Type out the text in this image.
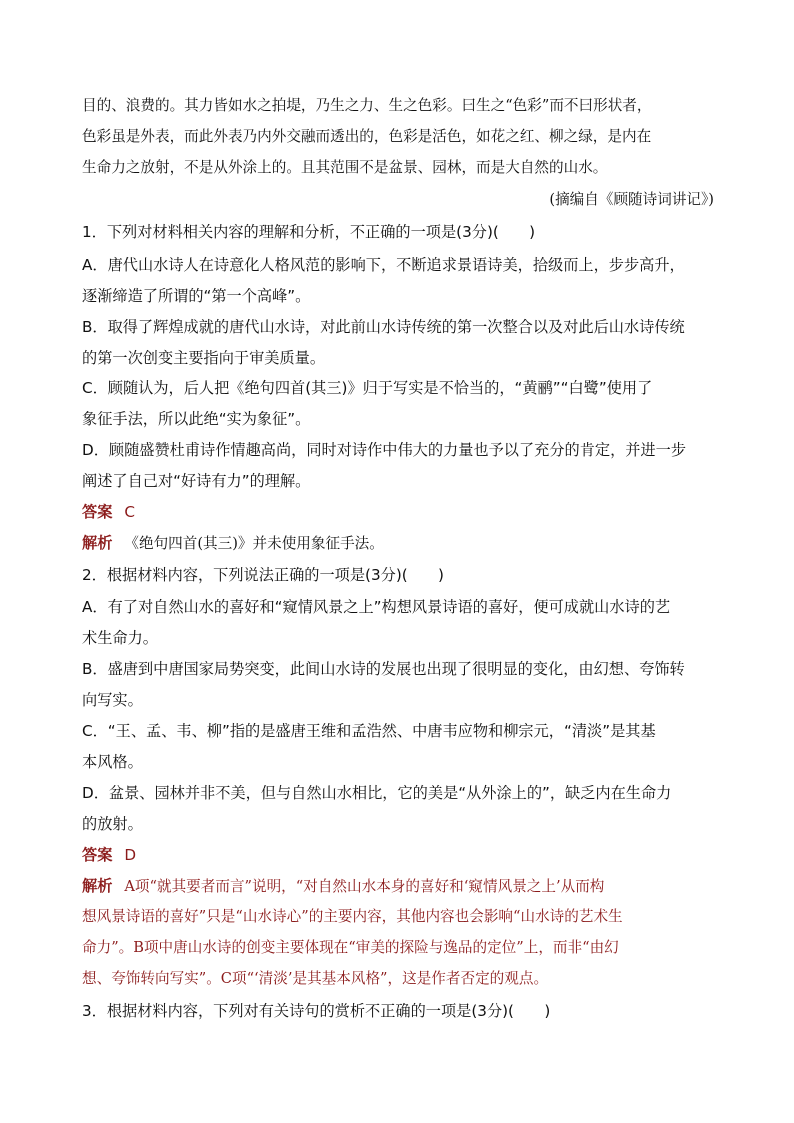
目的、浪费的。其力皆如水之拍堤，乃生之力、生之色彩。曰生之“色彩”而不曰形状者，
色彩虽是外表，而此外表乃内外交融而透出的，色彩是活色，如花之红、柳之绿，是内在
生命力之放射，不是从外涂上的。且其范围不是盆景、园林，而是大自然的山水。
(摘编自《顾随诗词讲记》)
1．下列对材料相关内容的理解和分析，不正确的一项是(3分)(　　)
A．唐代山水诗人在诗意化人格风范的影响下，不断追求景语诗美，拾级而上，步步高升，
逐渐缔造了所谓的“第一个高峰”。
B．取得了辉煌成就的唐代山水诗，对此前山水诗传统的第一次整合以及对此后山水诗传统
的第一次创变主要指向于审美质量。
C．顾随认为，后人把《绝句四首(其三)》归于写实是不恰当的，“黄鹂”“白鹭”使用了
象征手法，所以此绝“实为象征”。
D．顾随盛赞杜甫诗作情趣高尚，同时对诗作中伟大的力量也予以了充分的肯定，并进一步
阐述了自己对“好诗有力”的理解。
答案 C
解析 《绝句四首(其三)》并未使用象征手法。
2．根据材料内容，下列说法正确的一项是(3分)(　　)
A．有了对自然山水的喜好和“窥情风景之上”构想风景诗语的喜好，便可成就山水诗的艺
术生命力。
B．盛唐到中唐国家局势突变，此间山水诗的发展也出现了很明显的变化，由幻想、夸饰转
向写实。
C．“王、孟、韦、柳”指的是盛唐王维和孟浩然、中唐韦应物和柳宗元，“清淡”是其基
本风格。
D．盆景、园林并非不美，但与自然山水相比，它的美是“从外涂上的”，缺乏内在生命力
的放射。
答案 D
解析 A项“就其要者而言”说明，“对自然山水本身的喜好和‘窥情风景之上’从而构
想风景诗语的喜好”只是“山水诗心”的主要内容，其他内容也会影响“山水诗的艺术生
命力”。B项中唐山水诗的创变主要体现在“审美的探险与逸品的定位”上，而非“由幻
想、夸饰转向写实”。C项“‘清淡’是其基本风格”，这是作者否定的观点。
3．根据材料内容，下列对有关诗句的赏析不正确的一项是(3分)(　　)
